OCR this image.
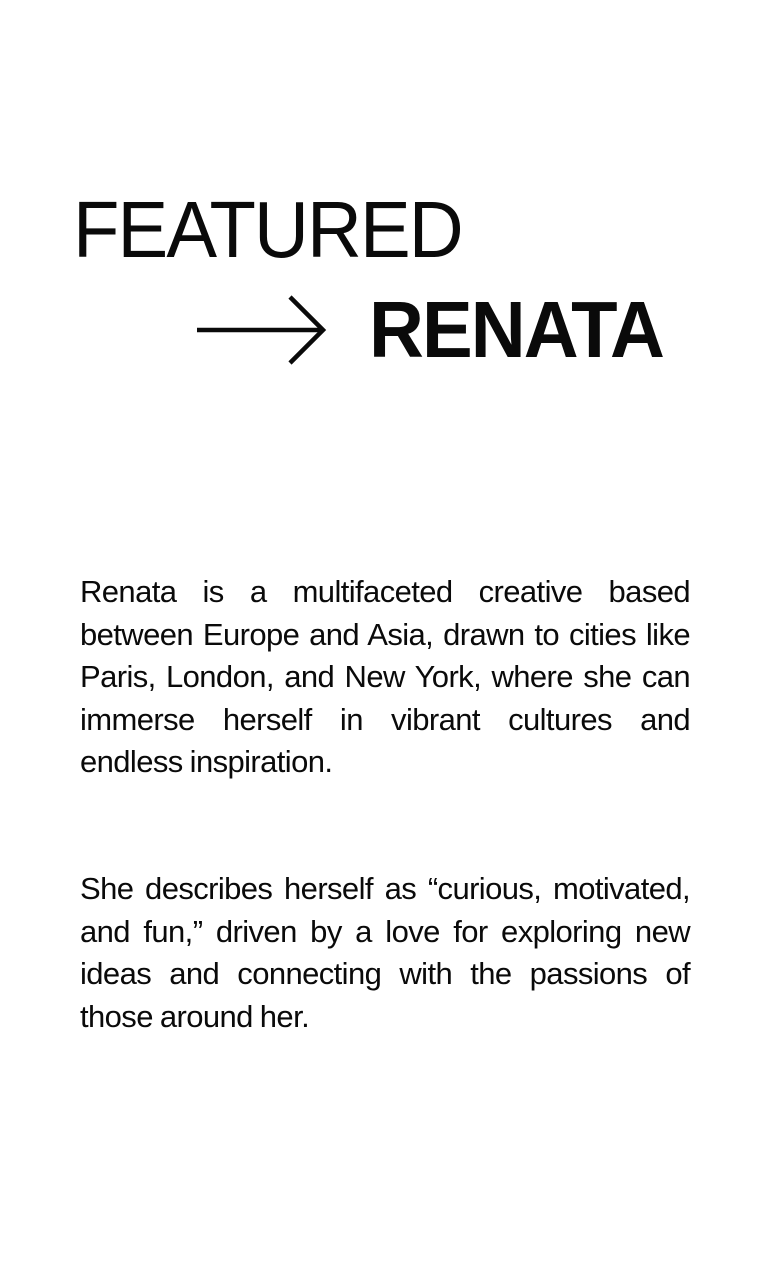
FEATURED
RENATA

Renata is a multifaceted creative based between Europe and Asia, drawn to cities like Paris, London, and New York, where she can immerse herself in vibrant cultures and endless inspiration.

She describes herself as “curious, motivated, and fun,” driven by a love for exploring new ideas and connecting with the passions of those around her.
